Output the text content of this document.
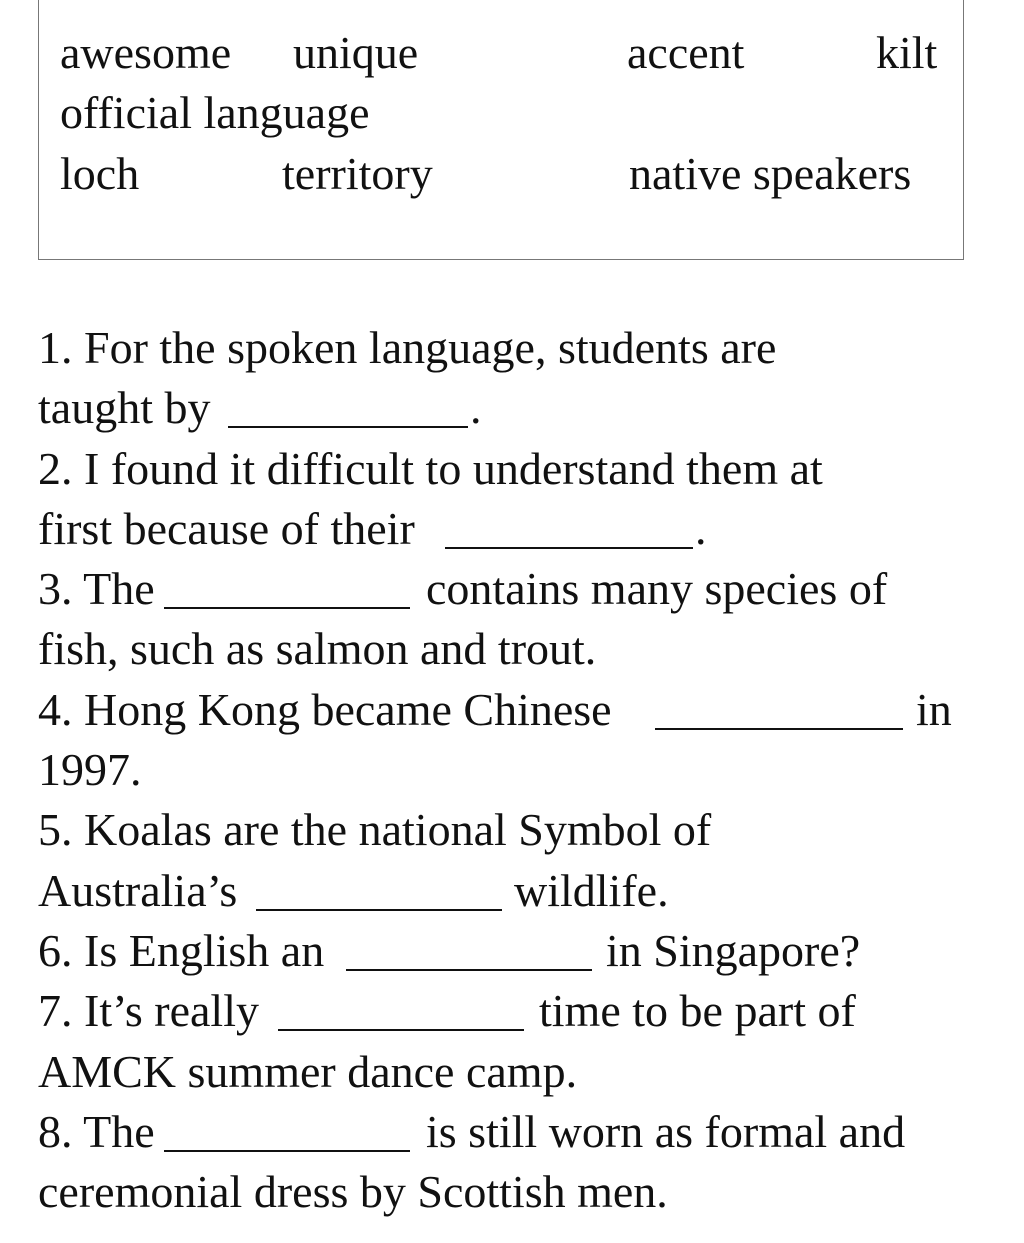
awesome unique	accent	kilt
official language
loch	territory	native speakers
1. For the spoken language, students are
taught by	.
2. I found it difficult to understand them at
first because of their	.
3. The	contains many species of
fish, such as salmon and trout.
4. Hong Kong became Chinese	in
1997.
5. Koalas are the national Symbol of
Australia’s	wildlife.
6. Is English an	in Singapore?
7. It’s really	time to be part of
AMCK summer dance camp.
8. The	is still worn as formal and
ceremonial dress by Scottish men.
